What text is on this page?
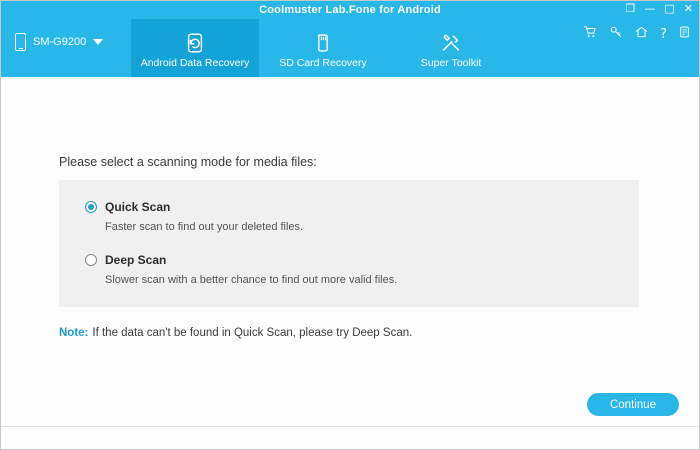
Coolmuster Lab.Fone for Android	❐ — □ ✕
SM-G9200
Android Data Recovery	SD Card Recovery	Super Toolkit
?
Please select a scanning mode for media files:
Quick Scan
Faster scan to find out your deleted files.
Deep Scan
Slower scan with a better chance to find out more valid files.
Note: If the data can't be found in Quick Scan, please try Deep Scan.
Continue
